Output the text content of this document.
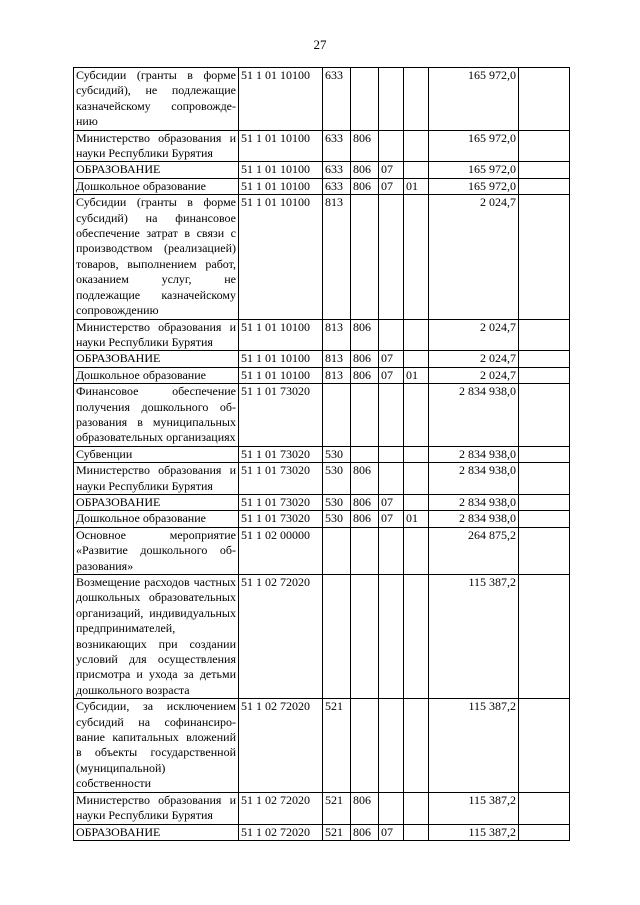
27
Субсидии (гранты в форме субсидий), не подлежащие казначейскому сопровождению	51 1 01 10100	633				165 972,0	
Министерство образования и науки Республики Бурятия	51 1 01 10100	633	806			165 972,0	
ОБРАЗОВАНИЕ	51 1 01 10100	633	806	07		165 972,0	
Дошкольное образование	51 1 01 10100	633	806	07	01	165 972,0	
Субсидии (гранты в форме субсидий) на финансовое обеспечение затрат в связи с производством (реализацией) товаров, выполнением работ, оказанием услуг, не подлежащие казначейскому сопровождению	51 1 01 10100	813				2 024,7	
Министерство образования и науки Республики Бурятия	51 1 01 10100	813	806			2 024,7	
ОБРАЗОВАНИЕ	51 1 01 10100	813	806	07		2 024,7	
Дошкольное образование	51 1 01 10100	813	806	07	01	2 024,7	
Финансовое обеспечение получения дошкольного образования в муниципальных образовательных организациях	51 1 01 73020					2 834 938,0	
Субвенции	51 1 01 73020	530				2 834 938,0	
Министерство образования и науки Республики Бурятия	51 1 01 73020	530	806			2 834 938,0	
ОБРАЗОВАНИЕ	51 1 01 73020	530	806	07		2 834 938,0	
Дошкольное образование	51 1 01 73020	530	806	07	01	2 834 938,0	
Основное мероприятие «Развитие дошкольного образования»	51 1 02 00000					264 875,2	
Возмещение расходов частных дошкольных образовательных организаций, индивидуальных предпринимателей, возникающих при создании условий для осуществления присмотра и ухода за детьми дошкольного возраста	51 1 02 72020					115 387,2	
Субсидии, за исключением субсидий на софинансирование капитальных вложений в объекты государственной (муниципальной) собственности	51 1 02 72020	521				115 387,2	
Министерство образования и науки Республики Бурятия	51 1 02 72020	521	806			115 387,2	
ОБРАЗОВАНИЕ	51 1 02 72020	521	806	07		115 387,2	
